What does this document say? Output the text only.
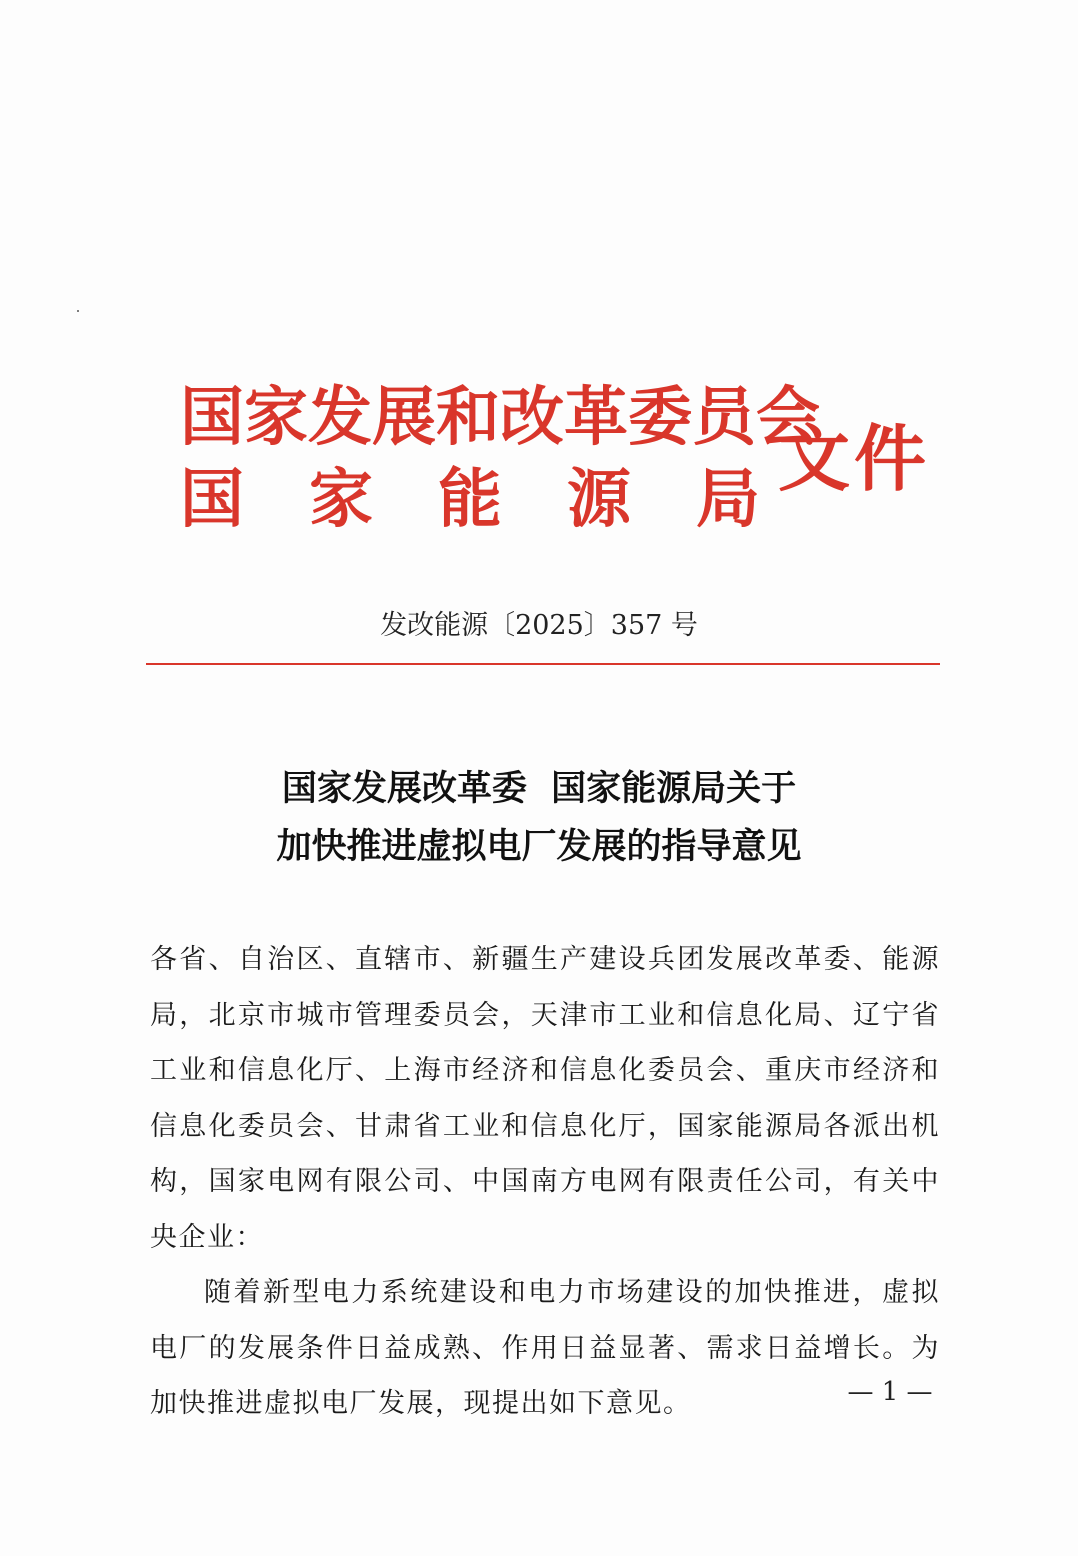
国家发展和改革委员会
国 家 能 源 局 文件
发改能源〔2025〕357 号
国家发展改革委  国家能源局关于
加快推进虚拟电厂发展的指导意见

各省、自治区、直辖市、新疆生产建设兵团发展改革委、能源局，北京市城市管理委员会，天津市工业和信息化局、辽宁省工业和信息化厅、上海市经济和信息化委员会、重庆市经济和信息化委员会、甘肃省工业和信息化厅，国家能源局各派出机构，国家电网有限公司、中国南方电网有限责任公司，有关中央企业：

随着新型电力系统建设和电力市场建设的加快推进，虚拟电厂的发展条件日益成熟、作用日益显著、需求日益增长。为加快推进虚拟电厂发展，现提出如下意见。	— 1 —
